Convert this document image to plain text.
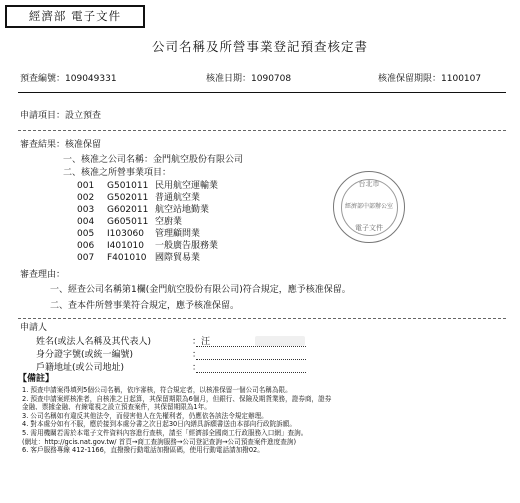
經濟部 電子文件
公司名稱及所營事業登記預查核定書
預查編號：109049331	核准日期：1090708	核准保留期限：1100107
申請項目：設立預查
審查結果：核准保留
一、核准之公司名稱：金門航空股份有限公司
二、核准之所營事業項目：
001 G501011 民用航空運輸業
002 G502011 普通航空業
003 G602011 航空站地勤業
004 G605011 空廚業
005 I103060 管理顧問業
006 I401010 一般廣告服務業
007 F401010 國際貿易業
台北市
經濟部中部辦公室
電子文件
審查理由：
一、經查公司名稱第1欄(金門航空股份有限公司)符合規定，應予核准保留。
二、查本件所營事業符合規定，應予核准保留。
申請人
姓名(或法人名稱及其代表人)	：汪
身分證字號(或統一編號)	：
戶籍地址(或公司地址)	：
【備註】
1. 預查申請案得填列5個公司名稱，依序審核，符合規定者，以核准保留一個公司名稱為限。
2. 預查申請案經核准者，自核准之日起算，其保留期限為6個月，但銀行、保險及期貨業務，證券商，證券
金融、票據金融、有線電視之設立預查案件，其保留期限為1年。
3. 公司名稱如有違反其他法令，而侵害他人在先權利者，仍應依各該法令規定辦理。
4. 對本處分如有不服，應於接到本處分書之次日起30日內繕具訴願書送由本部向行政院訴願。
5. 需用機關若需於本電子文件資料內容進行查核，請至「經濟部全國商工行政服務入口網」查詢。
(網址：http://gcis.nat.gov.tw/ 首頁→商工查詢服務→公司登記查詢→公司預查案件進度查詢)
6. 客戶服務專線 412-1166，直撥撥行動電話加撥區碼，使用行動電話請加撥02。
